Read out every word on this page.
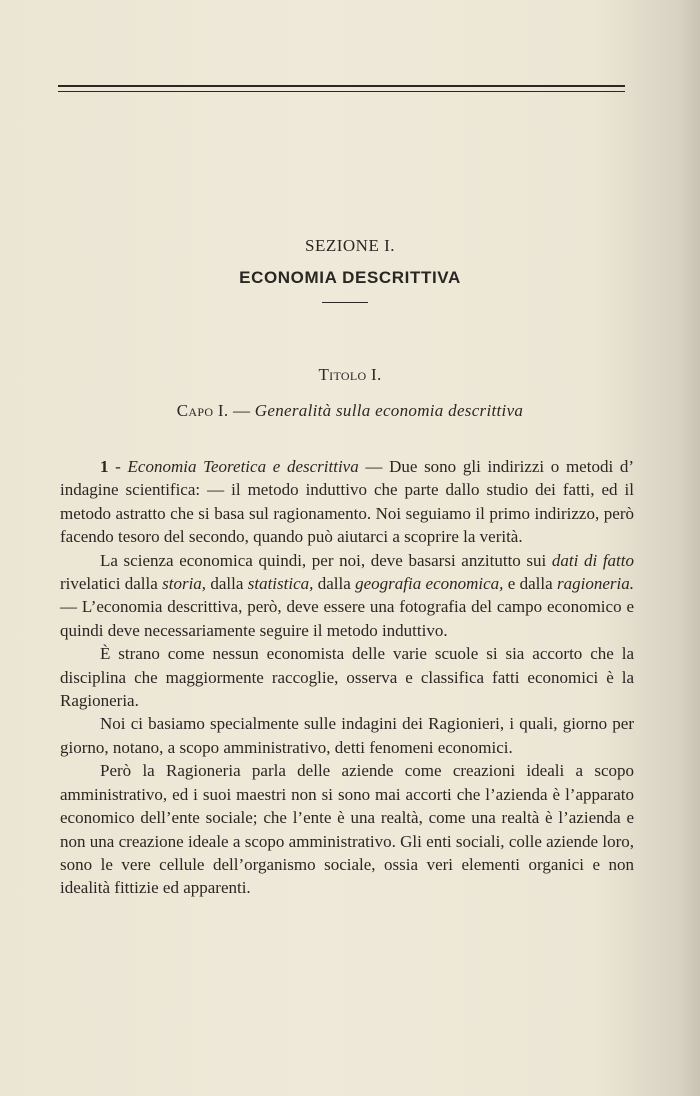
SEZIONE I.
ECONOMIA DESCRITTIVA
Titolo I.
Capo I. — Generalità sulla economia descrittiva

1 - Economia Teoretica e descrittiva — Due sono gli indirizzi o metodi d’ indagine scientifica: — il metodo induttivo che parte dallo studio dei fatti, ed il metodo astratto che si basa sul ragionamento. Noi seguiamo il primo indirizzo, però facendo tesoro del secondo, quando può aiutarci a scoprire la verità.

La scienza economica quindi, per noi, deve basarsi anzitutto sui dati di fatto rivelatici dalla storia, dalla statistica, dalla geografia economica, e dalla ragioneria. — L’economia descrittiva, però, deve essere una fotografia del campo economico e quindi deve necessariamente seguire il metodo induttivo.

È strano come nessun economista delle varie scuole si sia accorto che la disciplina che maggiormente raccoglie, osserva e classifica fatti economici è la Ragioneria.

Noi ci basiamo specialmente sulle indagini dei Ragionieri, i quali, giorno per giorno, notano, a scopo amministrativo, detti fenomeni economici.

Però la Ragioneria parla delle aziende come creazioni ideali a scopo amministrativo, ed i suoi maestri non si sono mai accorti che l’azienda è l’apparato economico dell’ente sociale; che l’ente è una realtà, come una realtà è l’azienda e non una creazione ideale a scopo amministrativo. Gli enti sociali, colle aziende loro, sono le vere cellule dell’organismo sociale, ossia veri elementi organici e non idealità fittizie ed apparenti.
